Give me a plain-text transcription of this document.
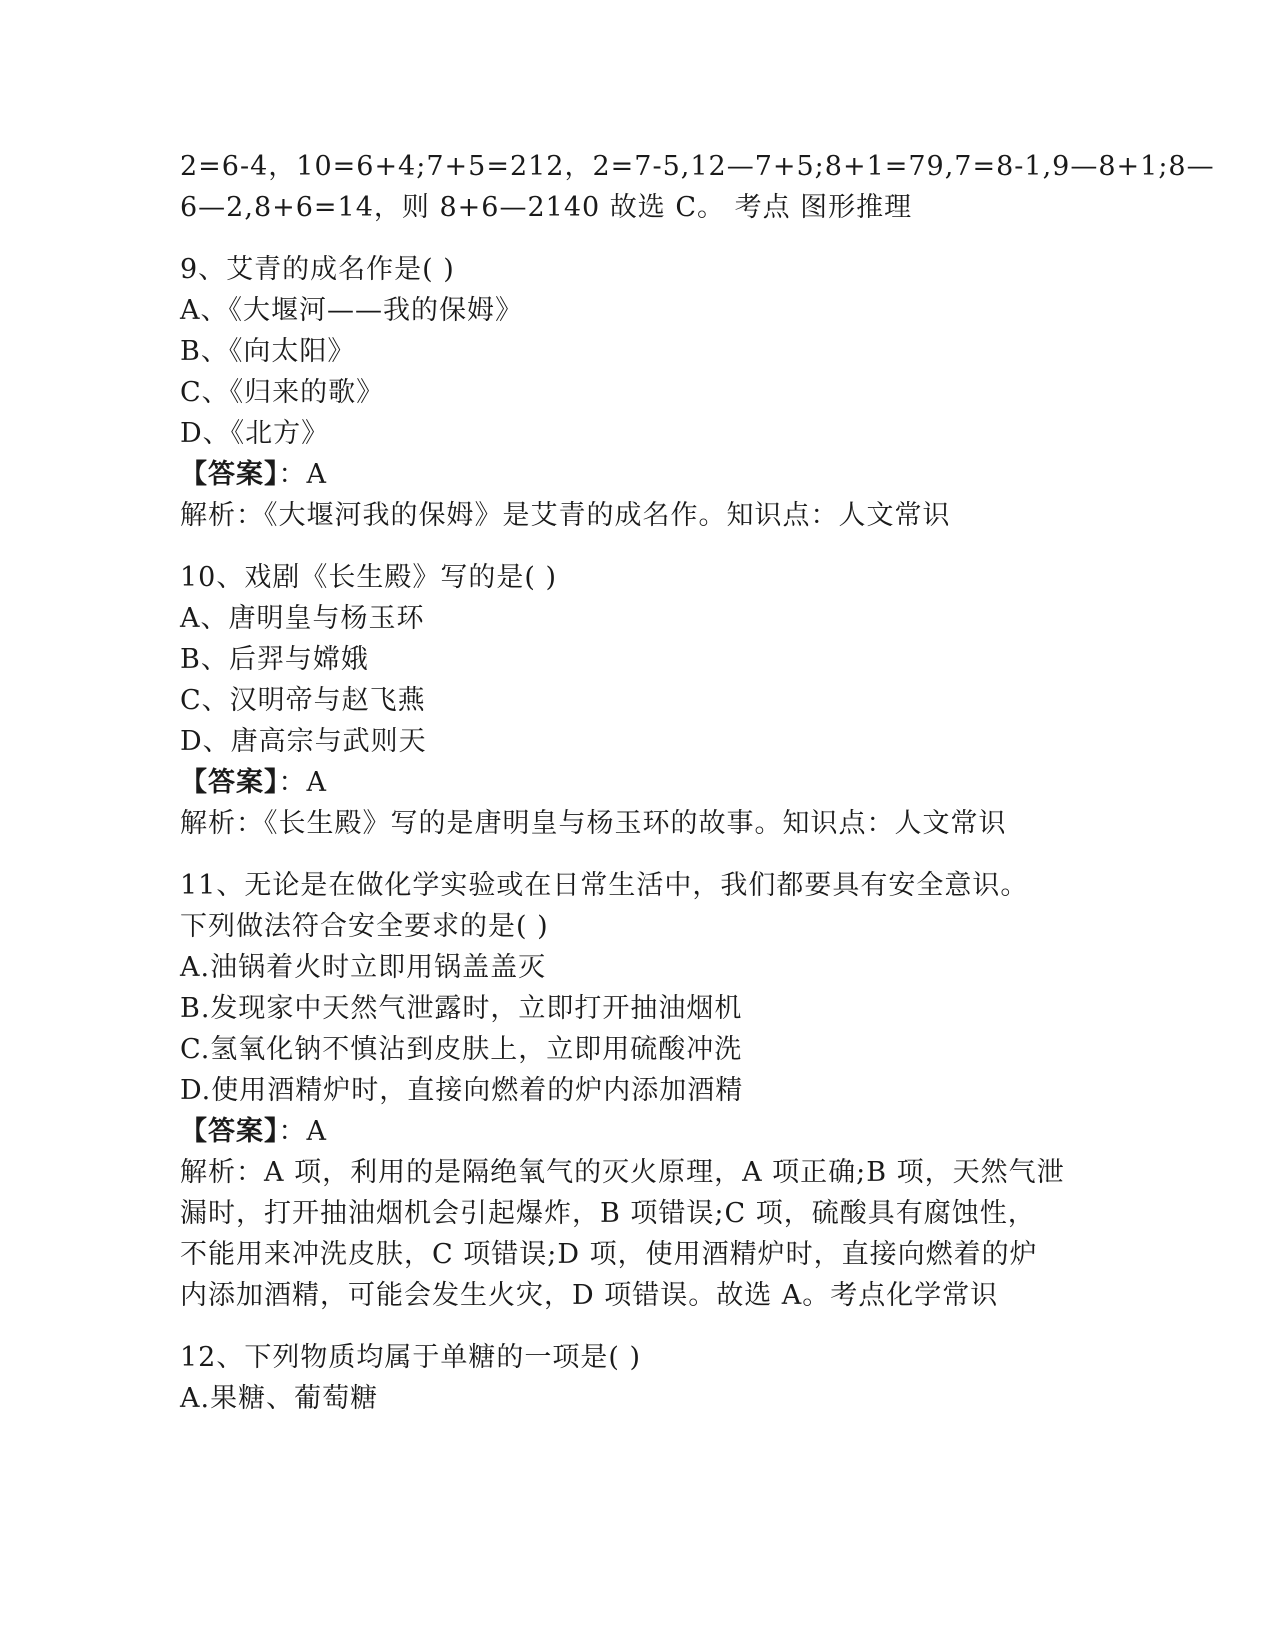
2=6-4，10=6+4;7+5=212，2=7-5,12—7+5;8+1=79,7=8-1,9—8+1;8—
6—2,8+6=14，则 8+6—2140 故选 C。 考点 图形推理
9、艾青的成名作是( )
A、《大堰河——我的保姆》
B、《向太阳》
C、《归来的歌》
D、《北方》
【答案】：A
解析：《大堰河我的保姆》是艾青的成名作。知识点：人文常识
10、戏剧《长生殿》写的是( )
A、唐明皇与杨玉环
B、后羿与嫦娥
C、汉明帝与赵飞燕
D、唐高宗与武则天
【答案】：A
解析：《长生殿》写的是唐明皇与杨玉环的故事。知识点：人文常识
11、无论是在做化学实验或在日常生活中，我们都要具有安全意识。
下列做法符合安全要求的是( )
A.油锅着火时立即用锅盖盖灭
B.发现家中天然气泄露时，立即打开抽油烟机
C.氢氧化钠不慎沾到皮肤上，立即用硫酸冲洗
D.使用酒精炉时，直接向燃着的炉内添加酒精
【答案】：A
解析：A 项，利用的是隔绝氧气的灭火原理，A 项正确;B 项，天然气泄
漏时，打开抽油烟机会引起爆炸，B 项错误;C 项，硫酸具有腐蚀性，
不能用来冲洗皮肤，C 项错误;D 项，使用酒精炉时，直接向燃着的炉
内添加酒精，可能会发生火灾，D 项错误。故选 A。考点化学常识
12、下列物质均属于单糖的一项是( )
A.果糖、葡萄糖
